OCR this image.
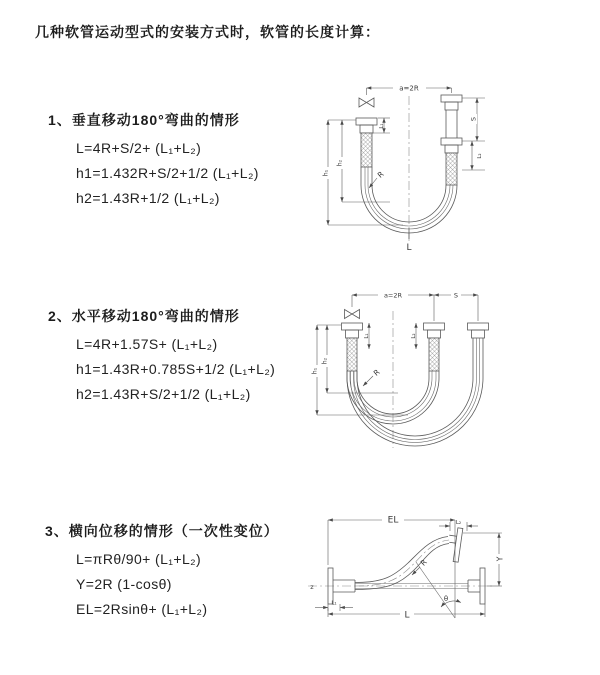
几种软管运动型式的安装方式时，软管的长度计算：
1、垂直移动180°弯曲的情形
L=4R+S/2+ (L₁+L₂)
h1=1.432R+S/2+1/2 (L₁+L₂)
h2=1.43R+1/2 (L₁+L₂)
2、水平移动180°弯曲的情形
L=4R+1.57S+ (L₁+L₂)
h1=1.43R+0.785S+1/2 (L₁+L₂)
h2=1.43R+S/2+1/2 (L₁+L₂)
3、横向位移的情形（一次性变位）
L=πRθ/90+ (L₁+L₂)
Y=2R (1-cosθ)
EL=2Rsinθ+ (L₁+L₂)
a=2R
L₁
S
L₂
h₁
h₂
R
L
a=2R	S
L₁	L₂
h₁
h₂
R
z
EL	L₂
Y
R
θ
L₁
L
